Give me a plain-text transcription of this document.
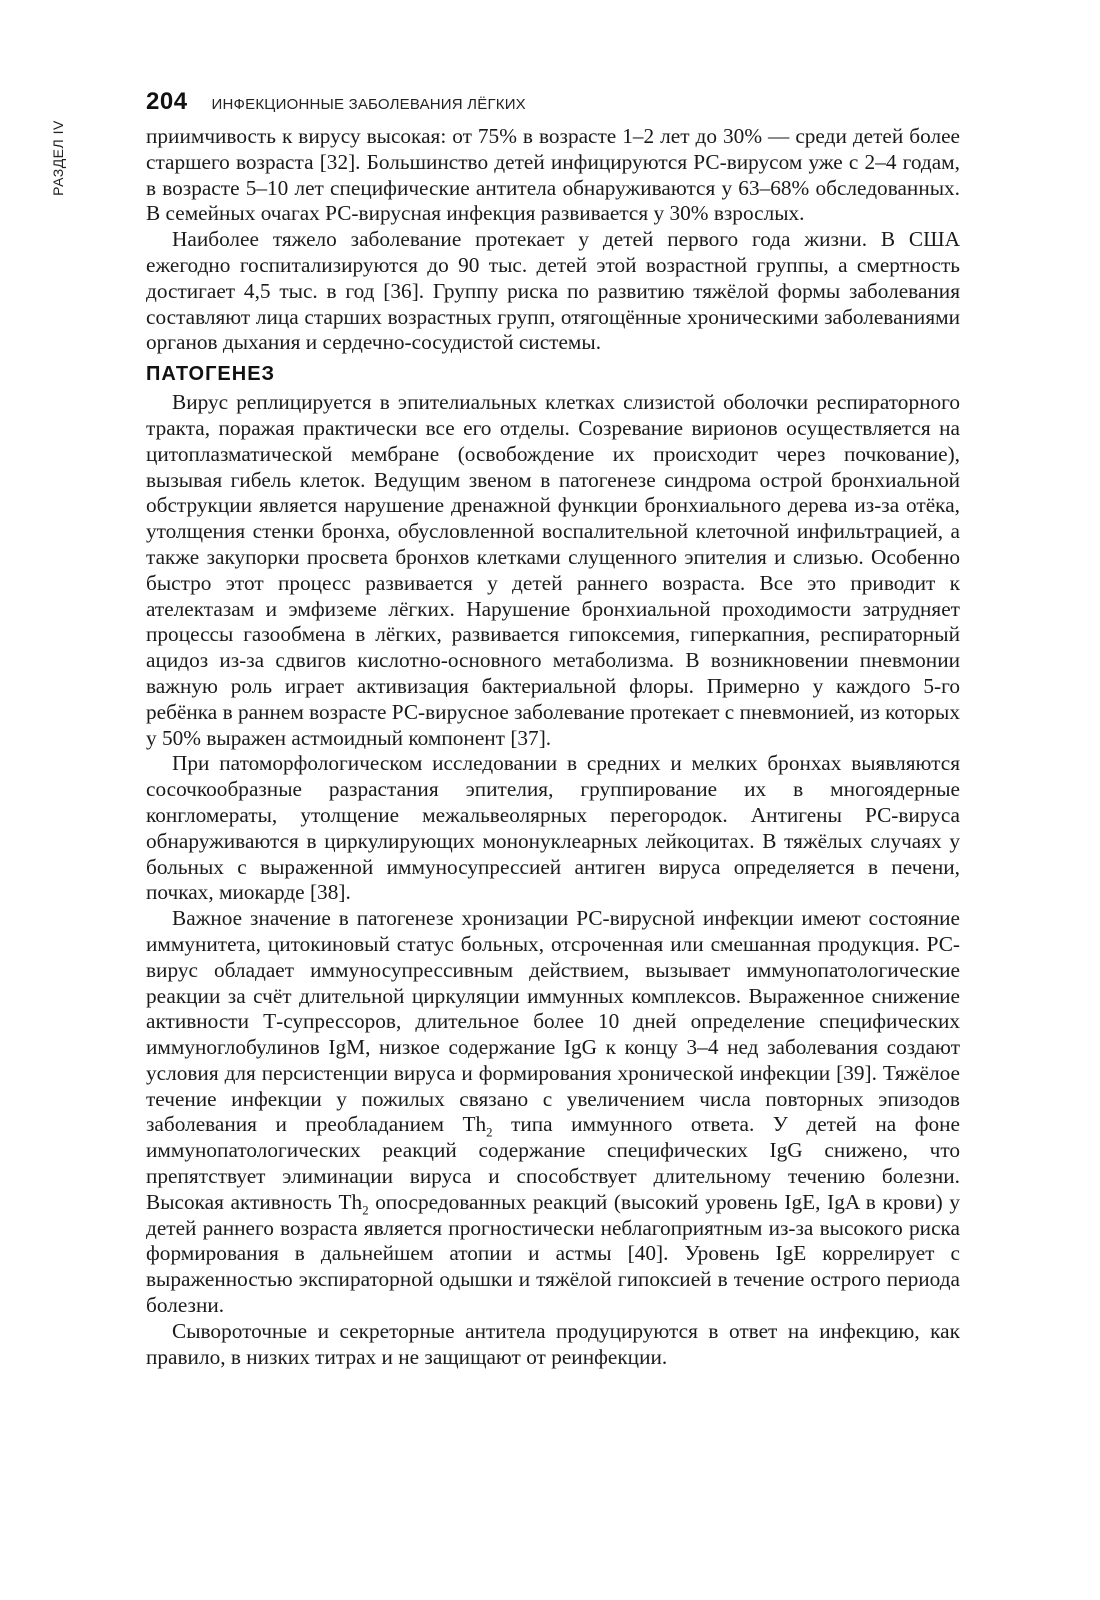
РАЗДЕЛ IV
204 ИНФЕКЦИОННЫЕ ЗАБОЛЕВАНИЯ ЛЁГКИХ

приимчивость к вирусу высокая: от 75% в возрасте 1–2 лет до 30% — среди детей более старшего возраста [32]. Большинство детей инфицируются РС-вирусом уже с 2–4 годам, в возрасте 5–10 лет специфические антитела обнаруживаются у 63–68% обследованных. В семейных очагах РС-вирусная инфекция развивается у 30% взрослых.

Наиболее тяжело заболевание протекает у детей первого года жизни. В США ежегодно госпитализируются до 90 тыс. детей этой возрастной группы, а смертность достигает 4,5 тыс. в год [36]. Группу риска по развитию тяжёлой формы заболевания составляют лица старших возрастных групп, отягощённые хроническими заболеваниями органов дыхания и сердечно-сосудистой системы.

ПАТОГЕНЕЗ

Вирус реплицируется в эпителиальных клетках слизистой оболочки респираторного тракта, поражая практически все его отделы. Созревание вирионов осуществляется на цитоплазматической мембране (освобождение их происходит через почкование), вызывая гибель клеток. Ведущим звеном в патогенезе синдрома острой бронхиальной обструкции является нарушение дренажной функции бронхиального дерева из-за отёка, утолщения стенки бронха, обусловленной воспалительной клеточной инфильтрацией, а также закупорки просвета бронхов клетками слущенного эпителия и слизью. Особенно быстро этот процесс развивается у детей раннего возраста. Все это приводит к ателектазам и эмфиземе лёгких. Нарушение бронхиальной проходимости затрудняет процессы газообмена в лёгких, развивается гипоксемия, гиперкапния, респираторный ацидоз из-за сдвигов кислотно-основного метаболизма. В возникновении пневмонии важную роль играет активизация бактериальной флоры. Примерно у каждого 5-го ребёнка в раннем возрасте РС-вирусное заболевание протекает с пневмонией, из которых у 50% выражен астмоидный компонент [37].

При патоморфологическом исследовании в средних и мелких бронхах выявляются сосочкообразные разрастания эпителия, группирование их в многоядерные конгломераты, утолщение межальвеолярных перегородок. Антигены РС-вируса обнаруживаются в циркулирующих мононуклеарных лейкоцитах. В тяжёлых случаях у больных с выраженной иммуносупрессией антиген вируса определяется в печени, почках, миокарде [38].

Важное значение в патогенезе хронизации РС-вирусной инфекции имеют состояние иммунитета, цитокиновый статус больных, отсроченная или смешанная продукция. РС-вирус обладает иммуносупрессивным действием, вызывает иммунопатологические реакции за счёт длительной циркуляции иммунных комплексов. Выраженное снижение активности Т-супрессоров, длительное более 10 дней определение специфических иммуноглобулинов IgM, низкое содержание IgG к концу 3–4 нед заболевания создают условия для персистенции вируса и формирования хронической инфекции [39]. Тяжёлое течение инфекции у пожилых связано с увеличением числа повторных эпизодов заболевания и преобладанием $Th_2$ типа иммунного ответа. У детей на фоне иммунопатологических реакций содержание специфических IgG снижено, что препятствует элиминации вируса и способствует длительному течению болезни. Высокая активность $Th_2$ опосредованных реакций (высокий уровень IgE, IgA в крови) у детей раннего возраста является прогностически неблагоприятным из-за высокого риска формирования в дальнейшем атопии и астмы [40]. Уровень IgE коррелирует с выраженностью экспираторной одышки и тяжёлой гипоксией в течение острого периода болезни.

Сывороточные и секреторные антитела продуцируются в ответ на инфекцию, как правило, в низких титрах и не защищают от реинфекции.
